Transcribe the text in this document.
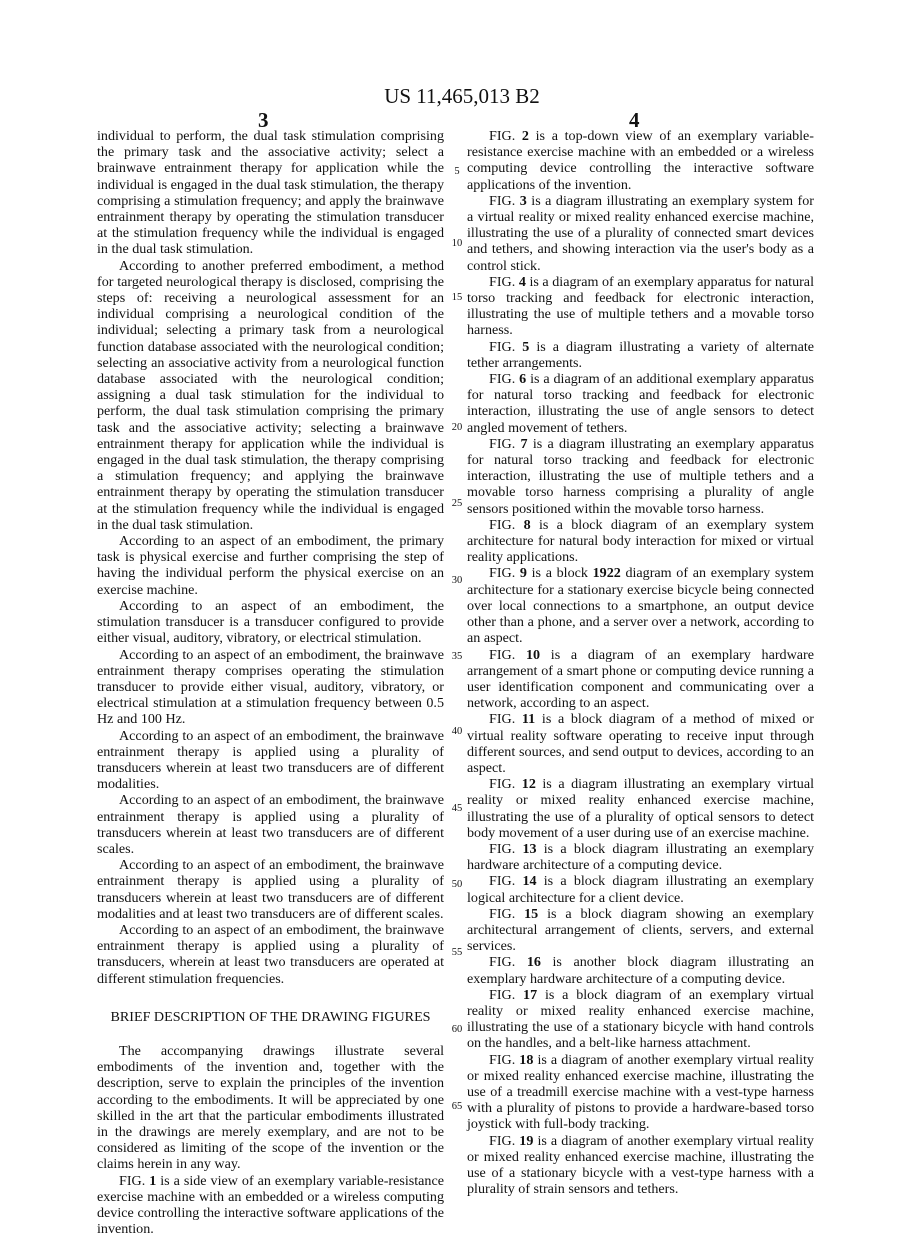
US 11,465,013 B2
3	4

individual to perform, the dual task stimulation comprising the primary task and the associative activity; select a brainwave entrainment therapy for application while the individual is engaged in the dual task stimulation, the therapy comprising a stimulation frequency; and apply the brainwave entrainment therapy by operating the stimulation transducer at the stimulation frequency while the individual is engaged in the dual task stimulation.

According to another preferred embodiment, a method for targeted neurological therapy is disclosed, comprising the steps of: receiving a neurological assessment for an individual comprising a neurological condition of the individual; selecting a primary task from a neurological function database associated with the neurological condition; selecting an associative activity from a neurological function database associated with the neurological condition; assigning a dual task stimulation for the individual to perform, the dual task stimulation comprising the primary task and the associative activity; selecting a brainwave entrainment therapy for application while the individual is engaged in the dual task stimulation, the therapy comprising a stimulation frequency; and applying the brainwave entrainment therapy by operating the stimulation transducer at the stimulation frequency while the individual is engaged in the dual task stimulation.

According to an aspect of an embodiment, the primary task is physical exercise and further comprising the step of having the individual perform the physical exercise on an exercise machine.

According to an aspect of an embodiment, the stimulation transducer is a transducer configured to provide either visual, auditory, vibratory, or electrical stimulation.

According to an aspect of an embodiment, the brainwave entrainment therapy comprises operating the stimulation transducer to provide either visual, auditory, vibratory, or electrical stimulation at a stimulation frequency between 0.5 Hz and 100 Hz.

According to an aspect of an embodiment, the brainwave entrainment therapy is applied using a plurality of transducers wherein at least two transducers are of different modalities.

According to an aspect of an embodiment, the brainwave entrainment therapy is applied using a plurality of transducers wherein at least two transducers are of different scales.

According to an aspect of an embodiment, the brainwave entrainment therapy is applied using a plurality of transducers wherein at least two transducers are of different modalities and at least two transducers are of different scales.

According to an aspect of an embodiment, the brainwave entrainment therapy is applied using a plurality of transducers, wherein at least two transducers are operated at different stimulation frequencies.

BRIEF DESCRIPTION OF THE DRAWING FIGURES

The accompanying drawings illustrate several embodiments of the invention and, together with the description, serve to explain the principles of the invention according to the embodiments. It will be appreciated by one skilled in the art that the particular embodiments illustrated in the drawings are merely exemplary, and are not to be considered as limiting of the scope of the invention or the claims herein in any way.

FIG. 1 is a side view of an exemplary variable-resistance exercise machine with an embedded or a wireless computing device controlling the interactive software applications of the invention.

FIG. 2 is a top-down view of an exemplary variable-resistance exercise machine with an embedded or a wireless computing device controlling the interactive software applications of the invention.

FIG. 3 is a diagram illustrating an exemplary system for a virtual reality or mixed reality enhanced exercise machine, illustrating the use of a plurality of connected smart devices and tethers, and showing interaction via the user's body as a control stick.

FIG. 4 is a diagram of an exemplary apparatus for natural torso tracking and feedback for electronic interaction, illustrating the use of multiple tethers and a movable torso harness.

FIG. 5 is a diagram illustrating a variety of alternate tether arrangements.

FIG. 6 is a diagram of an additional exemplary apparatus for natural torso tracking and feedback for electronic interaction, illustrating the use of angle sensors to detect angled movement of tethers.

FIG. 7 is a diagram illustrating an exemplary apparatus for natural torso tracking and feedback for electronic interaction, illustrating the use of multiple tethers and a movable torso harness comprising a plurality of angle sensors positioned within the movable torso harness.

FIG. 8 is a block diagram of an exemplary system architecture for natural body interaction for mixed or virtual reality applications.

FIG. 9 is a block 1922 diagram of an exemplary system architecture for a stationary exercise bicycle being connected over local connections to a smartphone, an output device other than a phone, and a server over a network, according to an aspect.

FIG. 10 is a diagram of an exemplary hardware arrangement of a smart phone or computing device running a user identification component and communicating over a network, according to an aspect.

FIG. 11 is a block diagram of a method of mixed or virtual reality software operating to receive input through different sources, and send output to devices, according to an aspect.

FIG. 12 is a diagram illustrating an exemplary virtual reality or mixed reality enhanced exercise machine, illustrating the use of a plurality of optical sensors to detect body movement of a user during use of an exercise machine.

FIG. 13 is a block diagram illustrating an exemplary hardware architecture of a computing device.

FIG. 14 is a block diagram illustrating an exemplary logical architecture for a client device.

FIG. 15 is a block diagram showing an exemplary architectural arrangement of clients, servers, and external services.

FIG. 16 is another block diagram illustrating an exemplary hardware architecture of a computing device.

FIG. 17 is a block diagram of an exemplary virtual reality or mixed reality enhanced exercise machine, illustrating the use of a stationary bicycle with hand controls on the handles, and a belt-like harness attachment.

FIG. 18 is a diagram of another exemplary virtual reality or mixed reality enhanced exercise machine, illustrating the use of a treadmill exercise machine with a vest-type harness with a plurality of pistons to provide a hardware-based torso joystick with full-body tracking.

FIG. 19 is a diagram of another exemplary virtual reality or mixed reality enhanced exercise machine, illustrating the use of a stationary bicycle with a vest-type harness with a plurality of strain sensors and tethers.

5
10
15
20
25
30
35
40
45
50
55
60
65
